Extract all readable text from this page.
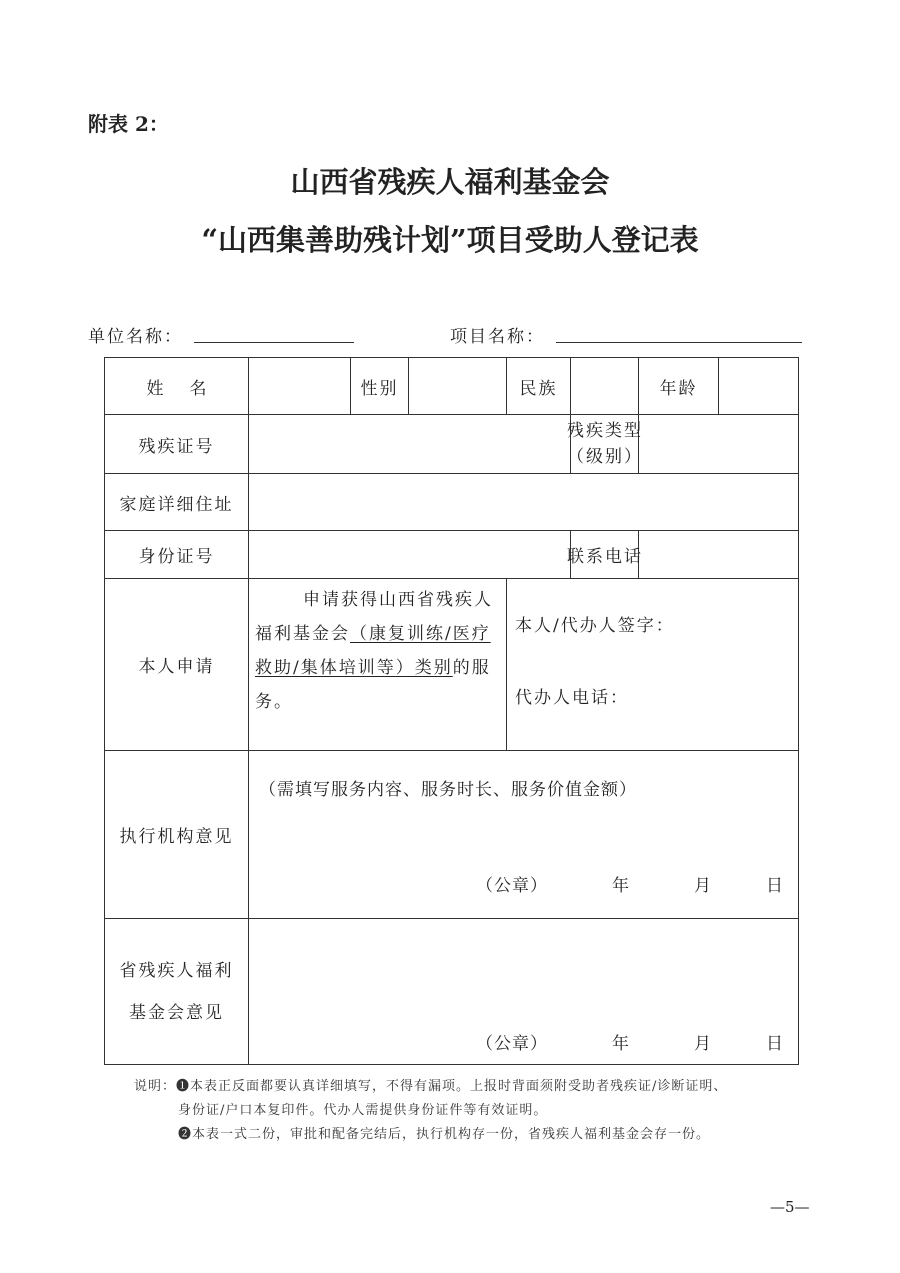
附表 2：
山西省残疾人福利基金会
“山西集善助残计划”项目受助人登记表
单位名称：	项目名称：
姓名		性别		民族		年龄	
残疾证号					残疾类型
（级别）		

家庭详细住址							
身份证号					联系电话		

本人申请	申请获得山西省残疾人福利基金会（康复训练/医疗救助/集体培训等）类别的服务。			本人/代办人签字：
代办人电话：			

执行机构意见	（需填写服务内容、服务时长、服务价值金额）
（公章） 年 月 日						

省残疾人福利
基金会意见	（公章） 年 月 日						
说明：❶本表正反面都要认真详细填写，不得有漏项。上报时背面须附受助者残疾证/诊断证明、
身份证/户口本复印件。代办人需提供身份证件等有效证明。
❷本表一式二份，审批和配备完结后，执行机构存一份，省残疾人福利基金会存一份。
—5—
